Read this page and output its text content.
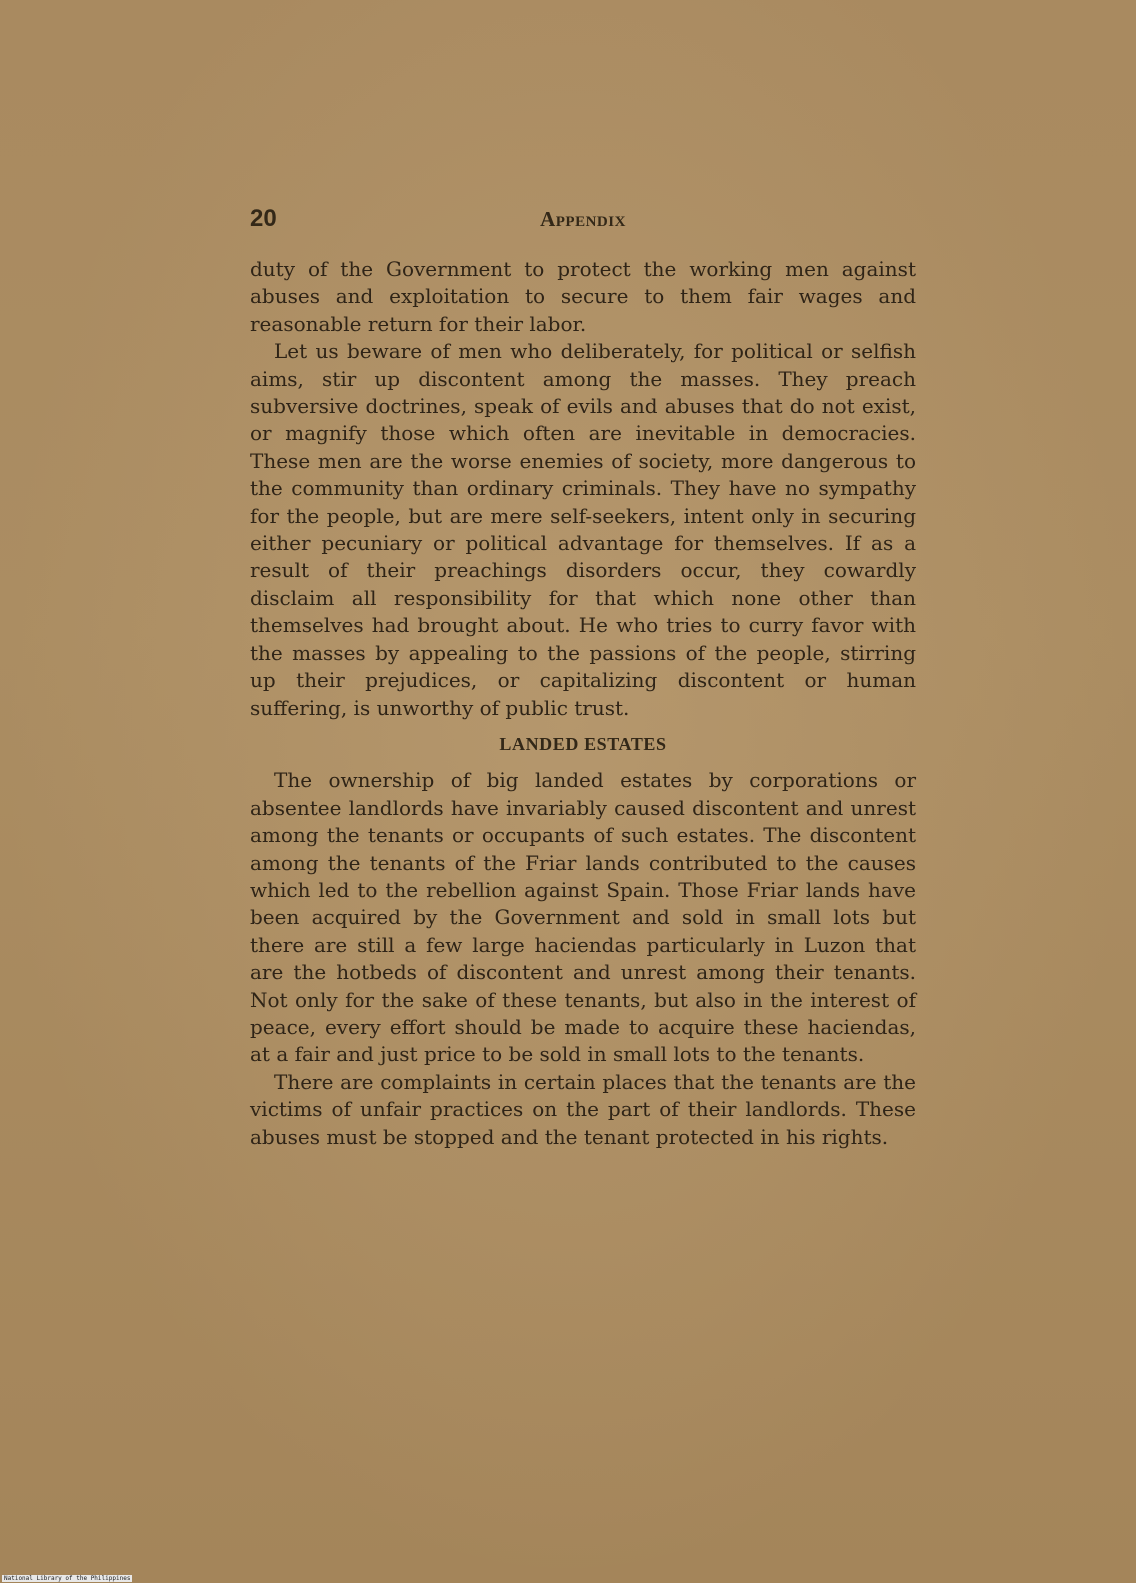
20	Appendix

duty of the Government to protect the working men against abuses and exploitation to secure to them fair wages and reasonable return for their labor.

Let us beware of men who deliberately, for political or selfish aims, stir up discontent among the masses. They preach subversive doctrines, speak of evils and abuses that do not exist, or magnify those which often are inevitable in democracies. These men are the worse enemies of society, more dangerous to the community than ordinary criminals. They have no sympathy for the people, but are mere self-seekers, intent only in securing either pecuniary or political advantage for themselves. If as a result of their preachings disorders occur, they cowardly disclaim all responsibility for that which none other than themselves had brought about. He who tries to curry favor with the masses by appealing to the passions of the people, stirring up their prejudices, or capitalizing discontent or human suffering, is unworthy of public trust.

LANDED ESTATES

The ownership of big landed estates by corporations or absentee landlords have invariably caused discontent and unrest among the tenants or occupants of such estates. The discontent among the tenants of the Friar lands contributed to the causes which led to the rebellion against Spain. Those Friar lands have been acquired by the Government and sold in small lots but there are still a few large haciendas particularly in Luzon that are the hotbeds of discontent and unrest among their tenants. Not only for the sake of these tenants, but also in the interest of peace, every effort should be made to acquire these haciendas, at a fair and just price to be sold in small lots to the tenants.

There are complaints in certain places that the tenants are the victims of unfair practices on the part of their landlords. These abuses must be stopped and the tenant protected in his rights.

National Library of the Philippines
